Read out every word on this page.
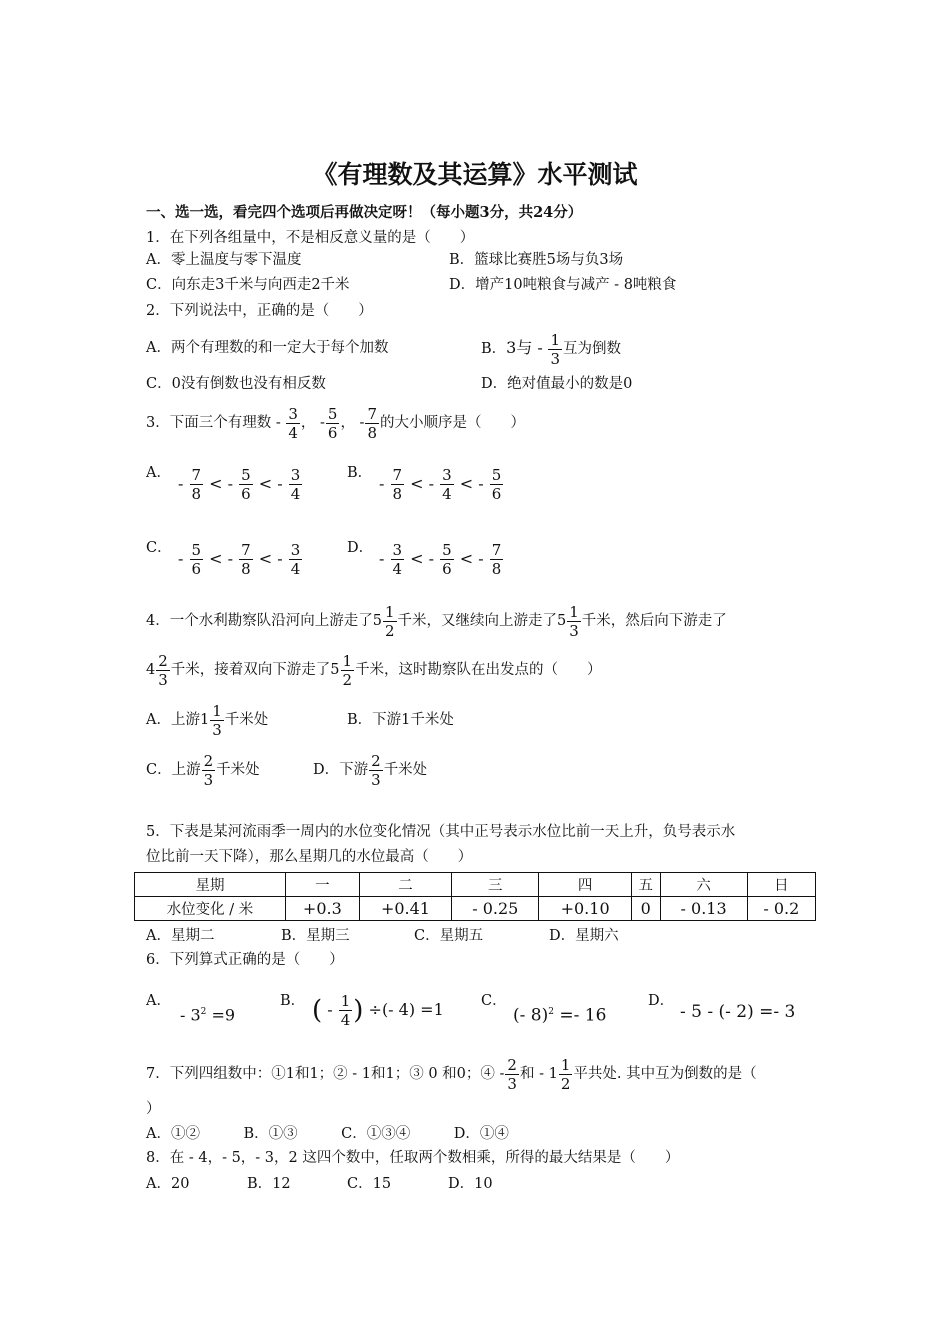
《有理数及其运算》水平测试
一、选一选，看完四个选项后再做决定呀！（每小题3分，共24分）
1．在下列各组量中，不是相反意义量的是（　　）
A．零上温度与零下温度	B．篮球比赛胜5场与负3场
C．向东走3千米与向西走2千米	D．增产10吨粮食与减产 - 8吨粮食
2．下列说法中，正确的是（　　）
A．两个有理数的和一定大于每个加数	B．3与 - $\frac{1}{3}$ 互为倒数
C．0没有倒数也没有相反数	D．绝对值最小的数是0
3．下面三个有理数 - $\frac{3}{4}$ ， - $\frac{5}{6}$ ， - $\frac{7}{8}$ 的大小顺序是（　　）
A．
- $\frac{7}{8}$ < - $\frac{5}{6}$ < - $\frac{3}{4}$	B．
- $\frac{7}{8}$ < - $\frac{3}{4}$ < - $\frac{5}{6}$
C．
- $\frac{5}{6}$ < - $\frac{7}{8}$ < - $\frac{3}{4}$	D．
- $\frac{3}{4}$ < - $\frac{5}{6}$ < - $\frac{7}{8}$
4．一个水利勘察队沿河向上游走了$5 \frac{1}{2}$ 千米，又继续向上游走了$5 \frac{1}{3}$ 千米，然后向下游走了
$4 \frac{2}{3}$ 千米，接着双向下游走了$5 \frac{1}{2}$ 千米，这时勘察队在出发点的（　　）
A．上游$1 \frac{1}{3}$ 千米处	B．下游1千米处
C．上游 $\frac{2}{3}$ 千米处	D．下游 $\frac{2}{3}$ 千米处
5．下表是某河流雨季一周内的水位变化情况（其中正号表示水位比前一天上升，负号表示水
位比前一天下降），那么星期几的水位最高（　　）
星期	一	二	三	四	五	六	日
水位变化 / 米	+0.3	+0.41	- 0.25	+0.10	0	- 0.13	- 0.2
A．星期二	B．星期三	C．星期五	D．星期六
6．下列算式正确的是（　　）
A．
- $3^2 =9$
B． ( - $\frac{1}{4}$ ) ÷(- 4) =1	C．
(- 8)$^2$ =- 16
D．
- 5 - (- 2) =- 3
7．下列四组数中：①1和1；② - 1和1；③ 0 和0；④ - $\frac{2}{3}$ 和 - $1 \frac{1}{2}$ 平共处. 其中互为倒数的是（
）
A．①②　　　B．①③　　　C．①③④　　　D．①④
8．在 - 4，- 5，- 3，2 这四个数中，任取两个数相乘，所得的最大结果是（　　）
A．20	B．12	C．15	D．10
